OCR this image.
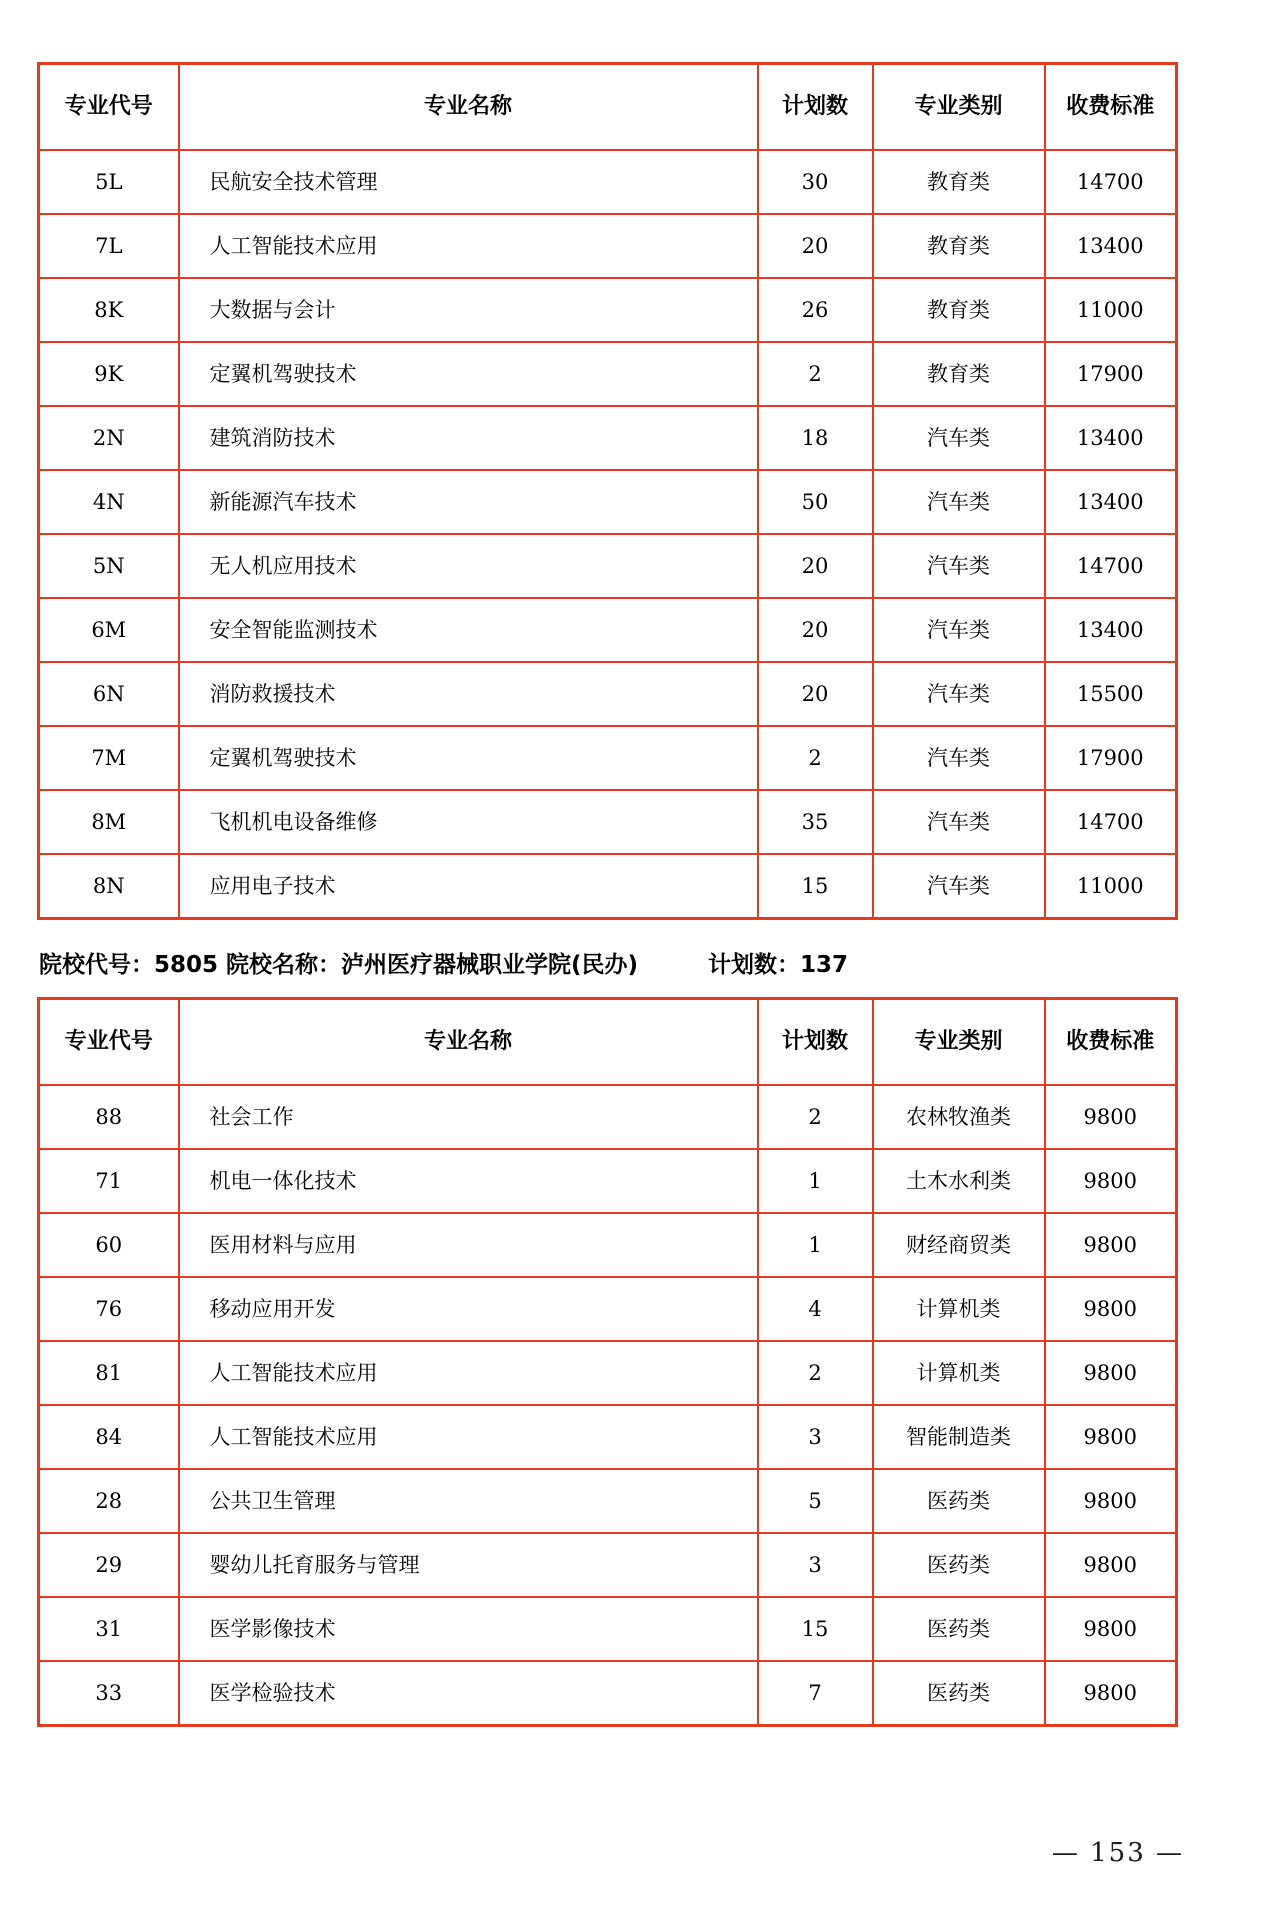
专业代号	专业名称	计划数	专业类别	收费标准
5L	民航安全技术管理	30	教育类	14700
7L	人工智能技术应用	20	教育类	13400
8K	大数据与会计	26	教育类	11000
9K	定翼机驾驶技术	2	教育类	17900
2N	建筑消防技术	18	汽车类	13400
4N	新能源汽车技术	50	汽车类	13400
5N	无人机应用技术	20	汽车类	14700
6M	安全智能监测技术	20	汽车类	13400
6N	消防救援技术	20	汽车类	15500
7M	定翼机驾驶技术	2	汽车类	17900
8M	飞机机电设备维修	35	汽车类	14700
8N	应用电子技术	15	汽车类	11000
院校代号：5805 院校名称：泸州医疗器械职业学院(民办)	计划数：137
专业代号	专业名称	计划数	专业类别	收费标准
88	社会工作	2	农林牧渔类	9800
71	机电一体化技术	1	土木水利类	9800
60	医用材料与应用	1	财经商贸类	9800
76	移动应用开发	4	计算机类	9800
81	人工智能技术应用	2	计算机类	9800
84	人工智能技术应用	3	智能制造类	9800
28	公共卫生管理	5	医药类	9800
29	婴幼儿托育服务与管理	3	医药类	9800
31	医学影像技术	15	医药类	9800
33	医学检验技术	7	医药类	9800
— 153 —
